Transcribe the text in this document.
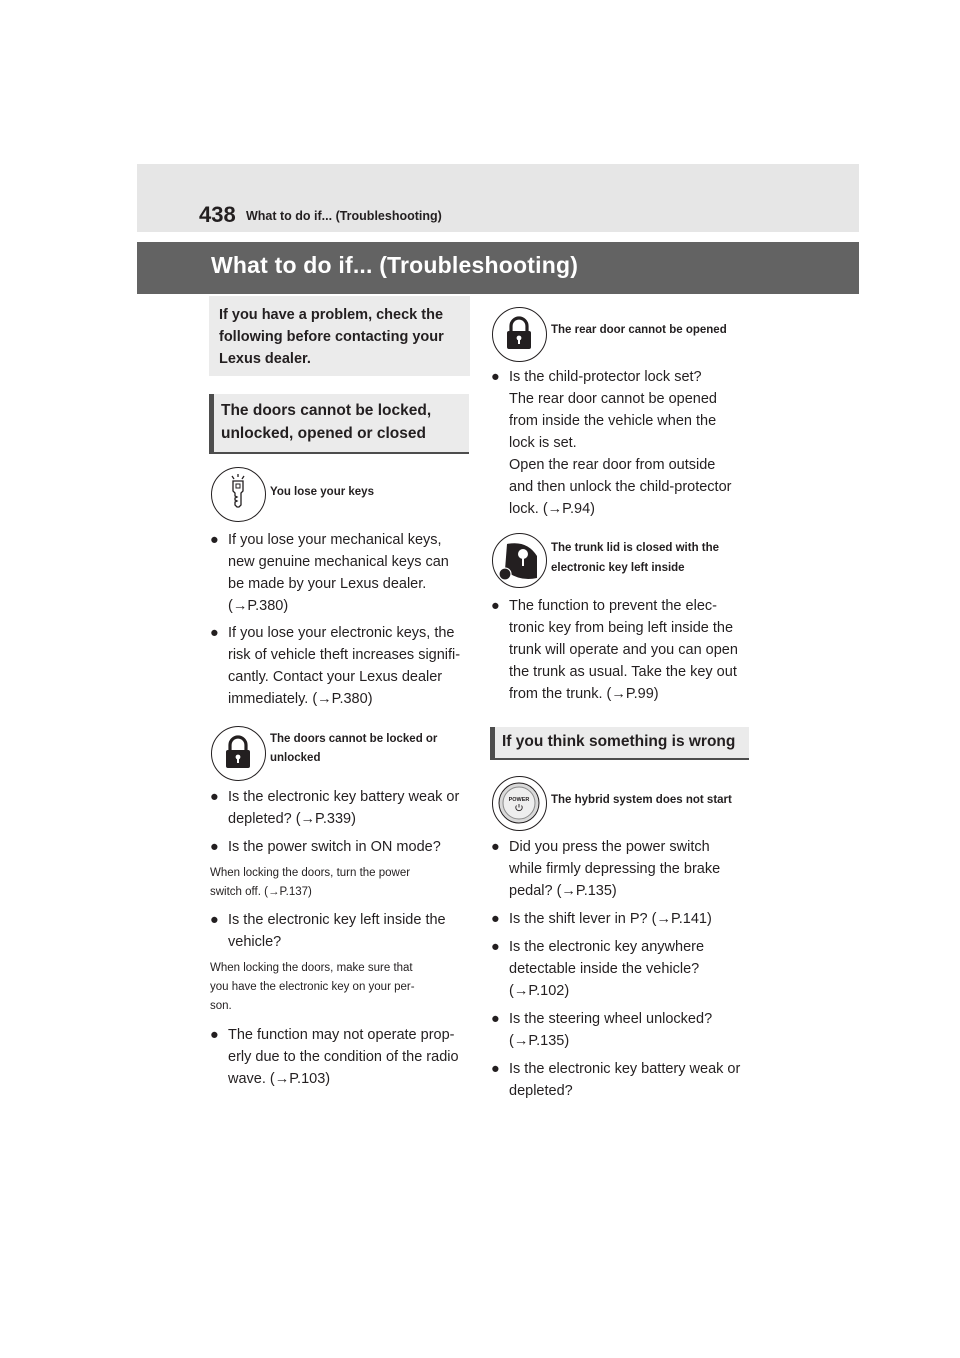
438 What to do if... (Troubleshooting)
What to do if... (Troubleshooting)
If you have a problem, check the following before contacting your Lexus dealer.
The doors cannot be locked,
unlocked, opened or closed
You lose your keys
● If you lose your mechanical keys,
new genuine mechanical keys can
be made by your Lexus dealer.
(→P.380)
● If you lose your electronic keys, the
risk of vehicle theft increases signifi-
cantly. Contact your Lexus dealer
immediately. (→P.380)
The doors cannot be locked or
unlocked
● Is the electronic key battery weak or
depleted? (→P.339)
● Is the power switch in ON mode?
When locking the doors, turn the power
switch off. (→P.137)
● Is the electronic key left inside the
vehicle?
When locking the doors, make sure that
you have the electronic key on your per-
son.
● The function may not operate prop-
erly due to the condition of the radio
wave. (→P.103)
The rear door cannot be opened
● Is the child-protector lock set?
The rear door cannot be opened
from inside the vehicle when the
lock is set.
Open the rear door from outside
and then unlock the child-protector
lock. (→P.94)
The trunk lid is closed with the
electronic key left inside
● The function to prevent the elec-
tronic key from being left inside the
trunk will operate and you can open
the trunk as usual. Take the key out
from the trunk. (→P.99)
If you think something is wrong
POWER The hybrid system does not start
● Did you press the power switch
while firmly depressing the brake
pedal? (→P.135)
● Is the shift lever in P? (→P.141)
● Is the electronic key anywhere
detectable inside the vehicle?
(→P.102)
● Is the steering wheel unlocked?
(→P.135)
● Is the electronic key battery weak or
depleted?
